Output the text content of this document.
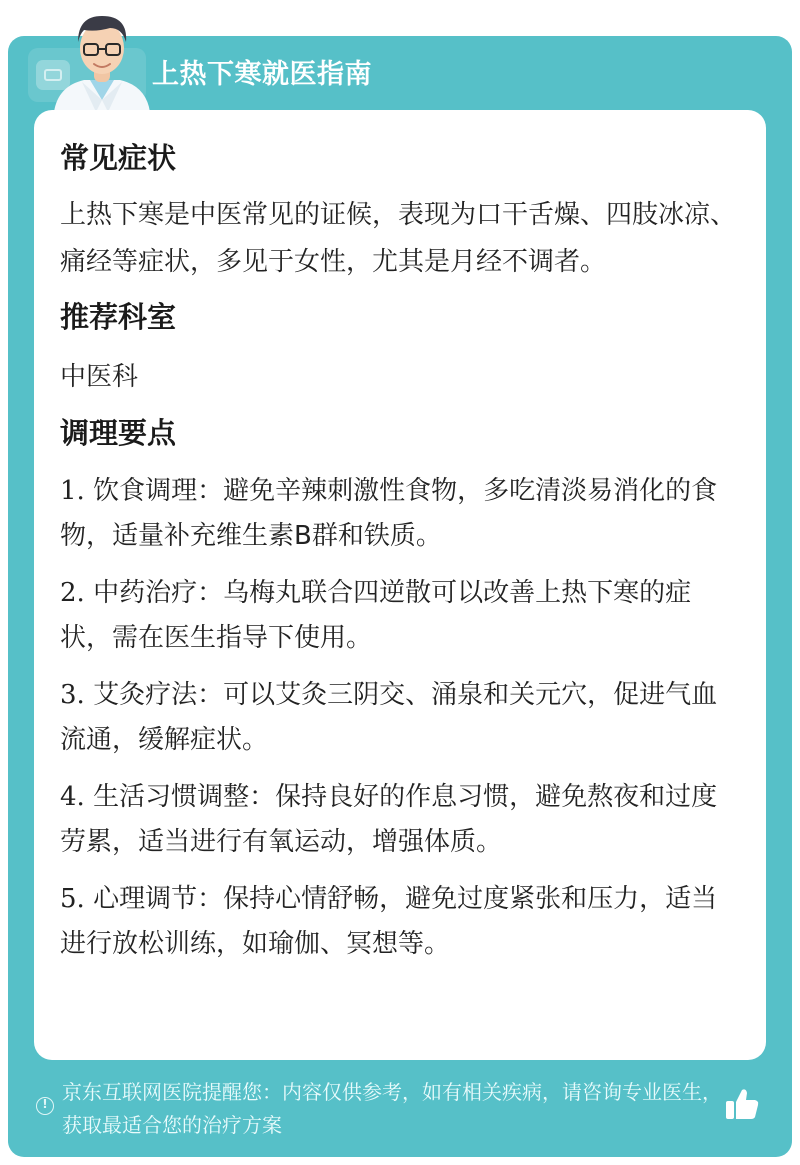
上热下寒就医指南
常见症状

上热下寒是中医常见的证候，表现为口干舌燥、四肢冰凉、痛经等症状，多见于女性，尤其是月经不调者。

推荐科室

中医科

调理要点
1. 饮食调理：避免辛辣刺激性食物，多吃清淡易消化的食物，适量补充维生素B群和铁质。
2. 中药治疗：乌梅丸联合四逆散可以改善上热下寒的症状，需在医生指导下使用。
3. 艾灸疗法：可以艾灸三阴交、涌泉和关元穴，促进气血流通，缓解症状。
4. 生活习惯调整：保持良好的作息习惯，避免熬夜和过度劳累，适当进行有氧运动，增强体质。
5. 心理调节：保持心情舒畅，避免过度紧张和压力，适当进行放松训练，如瑜伽、冥想等。
!
京东互联网医院提醒您：内容仅供参考，如有相关疾病，请咨询专业医生，获取最适合您的治疗方案
